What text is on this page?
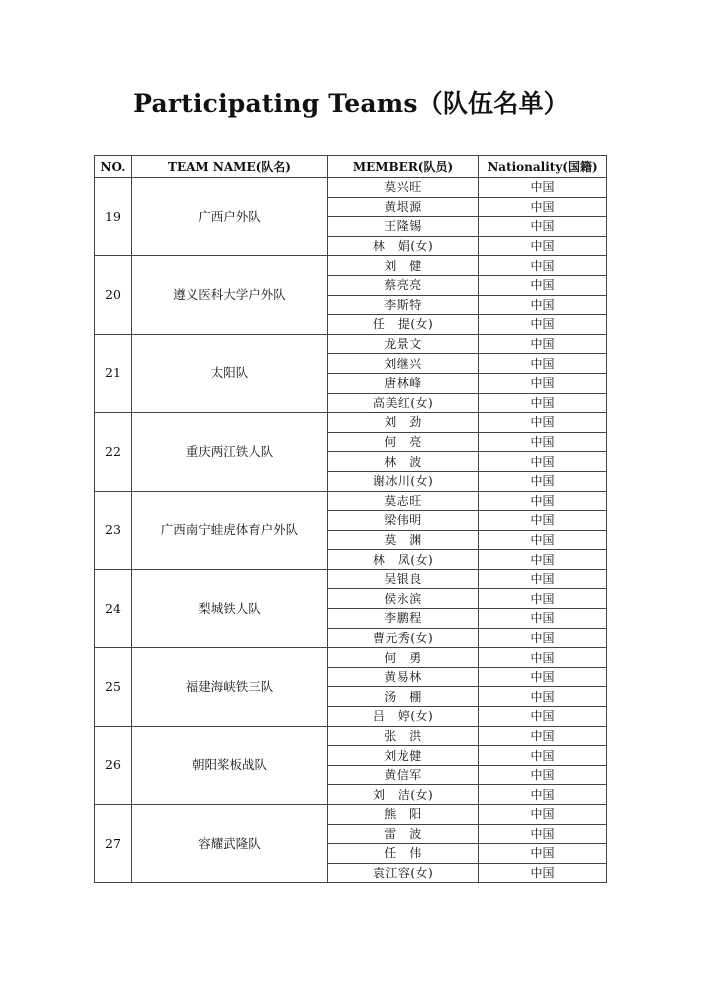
Participating Teams（队伍名单）
NO.	TEAM NAME(队名)	MEMBER(队员)	Nationality(国籍)
19	广西户外队	莫兴旺	中国
		黄垠源	中国
		王隆锡	中国
		林　娟(女)	中国
20	遵义医科大学户外队	刘　健	中国
		蔡亮亮	中国
		李斯特	中国
		任　提(女)	中国
21	太阳队	龙景文	中国
		刘继兴	中国
		唐林峰	中国
		高美红(女)	中国
22	重庆两江铁人队	刘　劲	中国
		何　亮	中国
		林　波	中国
		谢冰川(女)	中国
23	广西南宁蛙虎体育户外队	莫志旺	中国
		梁伟明	中国
		莫　渊	中国
		林　凤(女)	中国
24	梨城铁人队	吴银良	中国
		侯永滨	中国
		李鹏程	中国
		曹元秀(女)	中国
25	福建海峡铁三队	何　勇	中国
		黄易林	中国
		汤　棚	中国
		吕　婷(女)	中国
26	朝阳桨板战队	张　洪	中国
		刘龙健	中国
		黄信军	中国
		刘　洁(女)	中国
27	容耀武隆队	熊　阳	中国
		雷　波	中国
		任　伟	中国
		袁江容(女)	中国
